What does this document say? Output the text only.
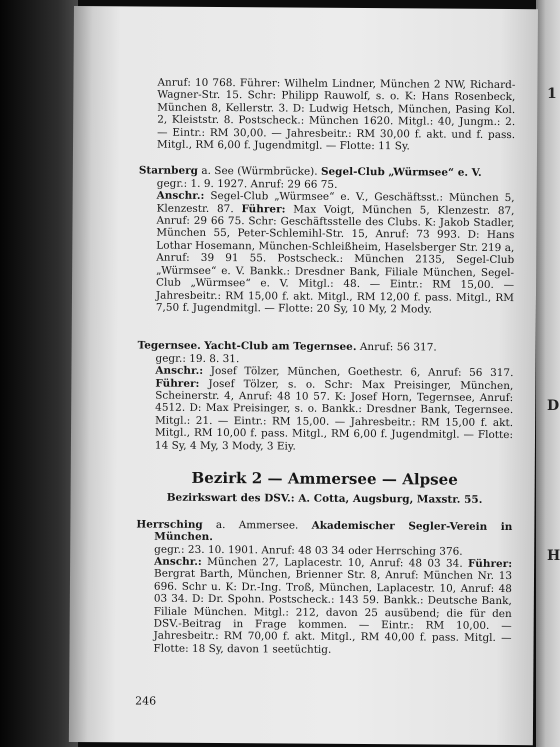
1
D
H

Anruf: 10 768. Führer: Wilhelm Lindner, München 2 NW, Richard-Wagner-Str. 15. Schr: Philipp Rauwolf, s. o. K: Hans Rosenbeck, München 8, Kellerstr. 3. D: Ludwig Hetsch, München, Pasing Kol. 2, Kleiststr. 8. Postscheck.: München 1620. Mitgl.: 40, Jungm.: 2. — Eintr.: RM 30,00. — Jahresbeitr.: RM 30,00 f. akt. und f. pass. Mitgl., RM 6,00 f. Jugendmitgl. — Flotte: 11 Sy.

Starnberg a. See (Würmbrücke). Segel-Club „Würmsee“ e. V.

gegr.: 1. 9. 1927. Anruf: 29 66 75.

Anschr.: Segel-Club „Würmsee“ e. V., Geschäftsst.: München 5, Klenzestr. 87. Führer: Max Voigt, München 5, Klenzestr. 87, Anruf: 29 66 75. Schr: Geschäftsstelle des Clubs. K: Jakob Stadler, München 55, Peter-Schlemihl-Str. 15, Anruf: 73 993. D: Hans Lothar Hosemann, München-Schleißheim, Haselsberger Str. 219 a, Anruf: 39 91 55. Postscheck.: München 2135, Segel-Club „Würmsee“ e. V. Bankk.: Dresdner Bank, Filiale München, Segel-Club „Würmsee“ e. V. Mitgl.: 48. — Eintr.: RM 15,00. — Jahresbeitr.: RM 15,00 f. akt. Mitgl., RM 12,00 f. pass. Mitgl., RM 7,50 f. Jugendmitgl. — Flotte: 20 Sy, 10 My, 2 Mody.

Tegernsee. Yacht-Club am Tegernsee. Anruf: 56 317.

gegr.: 19. 8. 31.

Anschr.: Josef Tölzer, München, Goethestr. 6, Anruf: 56 317. Führer: Josef Tölzer, s. o. Schr: Max Preisinger, München, Scheinerstr. 4, Anruf: 48 10 57. K: Josef Horn, Tegernsee, Anruf: 4512. D: Max Preisinger, s. o. Bankk.: Dresdner Bank, Tegernsee. Mitgl.: 21. — Eintr.: RM 15,00. — Jahresbeitr.: RM 15,00 f. akt. Mitgl., RM 10,00 f. pass. Mitgl., RM 6,00 f. Jugendmitgl. — Flotte: 14 Sy, 4 My, 3 Mody, 3 Eiy.

Bezirk 2 — Ammersee — Alpsee
Bezirkswart des DSV.: A. Cotta, Augsburg, Maxstr. 55.

Herrsching a. Ammersee. Akademischer Segler-Verein in München.

gegr.: 23. 10. 1901. Anruf: 48 03 34 oder Herrsching 376.

Anschr.: München 27, Laplacestr. 10, Anruf: 48 03 34. Führer: Bergrat Barth, München, Brienner Str. 8, Anruf: München Nr. 13 696. Schr u. K: Dr.-Ing. Troß, München, Laplacestr. 10, Anruf: 48 03 34. D: Dr. Spohn. Postscheck.: 143 59. Bankk.: Deutsche Bank, Filiale München. Mitgl.: 212, davon 25 ausübend; die für den DSV.-Beitrag in Frage kommen. — Eintr.: RM 10,00. — Jahresbeitr.: RM 70,00 f. akt. Mitgl., RM 40,00 f. pass. Mitgl. — Flotte: 18 Sy, davon 1 seetüchtig.

246
